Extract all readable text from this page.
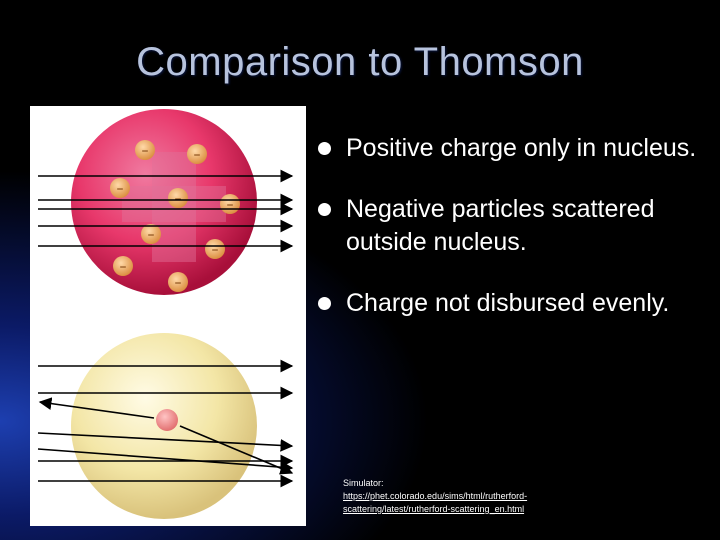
Comparison to Thomson
–	–
–
–	–
–
–
–
–
Positive charge only in nucleus.
Negative particles scattered outside nucleus.
Charge not disbursed evenly.
Simulator:
https://phet.colorado.edu/sims/html/rutherford-scattering/latest/rutherford-scattering_en.html
